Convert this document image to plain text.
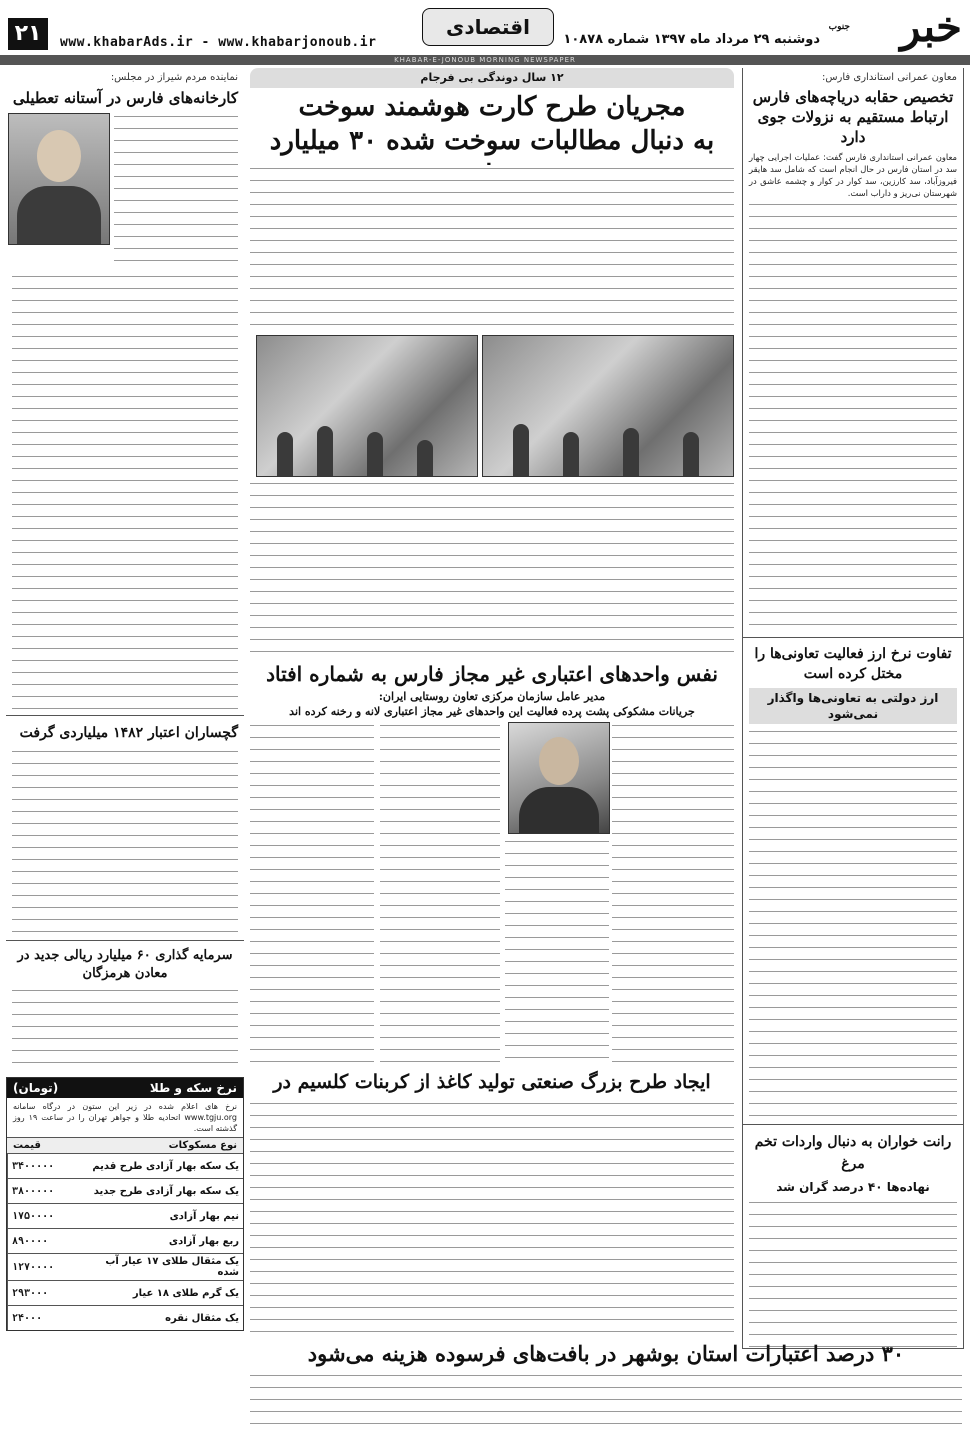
خبر
جنوب
دوشنبه ۲۹ مرداد ماه ۱۳۹۷ شماره ۱۰۸۷۸
اقتصادی
www.khabarAds.ir - www.khabarjonoub.ir
۲۱
KHABAR-E-JONOUB MORNING NEWSPAPER
معاون عمرانی استانداری فارس:
تخصیص حقابه دریاچه‌های فارس ارتباط مستقیم به نزولات جوی دارد

معاون عمرانی استانداری فارس گفت: عملیات اجرایی چهار سد در استان فارس در حال انجام است که شامل سد هایقر فیروزآباد، سد کارزین، سد کوار در کوار و چشمه عاشق در شهرستان نی‌ریز و داراب است.

تفاوت نرخ ارز فعالیت تعاونی‌ها را مختل کرده است
ارز دولتی به تعاونی‌ها واگذار نمی‌شود
رانت خواران به دنبال واردات تخم مرغ
نهاده‌ها ۴۰ درصد گران شد
۱۲ سال دوندگی بی فرجام
مجریان طرح کارت هوشمند سوخت
به دنبال مطالبات سوخت شده ۳۰ میلیارد
نفس واحدهای اعتباری غیر مجاز فارس به شماره افتاد
مدیر عامل سازمان مرکزی تعاون روستایی ایران:
جریانات مشکوکی پشت پرده فعالیت این واحدهای غیر مجاز اعتباری لانه و رخنه کرده اند
ایجاد طرح بزرگ صنعتی تولید کاغذ از کربنات کلسیم در
نماینده مردم شیراز در مجلس:
کارخانه‌های فارس در آستانه تعطیلی
گچساران اعتبار ۱۴۸۲ میلیاردی گرفت
سرمایه گذاری ۶۰ میلیارد ریالی جدید در معادن هرمزگان
نرخ سکه و طلا
(تومان)
نرخ های اعلام شده در زیر این ستون در درگاه سامانه www.tgju.org اتحادیه طلا و جواهر تهران را در ساعت ۱۹ روز گذشته است.
نوع مسکوکات
قیمت
یک سکه بهار آزادی طرح قدیم	۳۴۰۰۰۰۰
یک سکه بهار آزادی طرح جدید	۳۸۰۰۰۰۰
نیم بهار آزادی	۱۷۵۰۰۰۰
ربع بهار آزادی	۸۹۰۰۰۰
یک مثقال طلای ۱۷ عیار آب شده	۱۲۷۰۰۰۰
یک گرم طلای ۱۸ عیار	۲۹۳۰۰۰
یک مثقال نقره	۲۴۰۰۰
۳۰ درصد اعتبارات استان بوشهر در بافت‌های فرسوده هزینه می‌شود
